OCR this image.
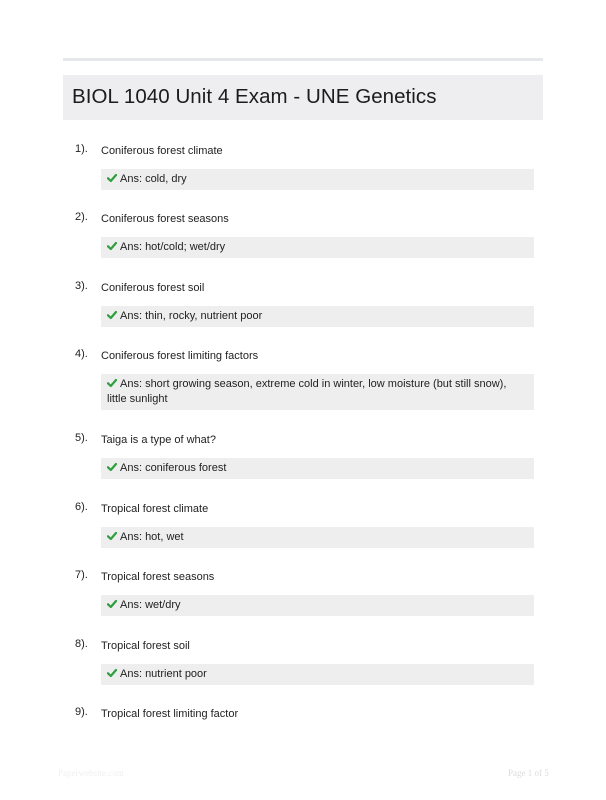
BIOL 1040 Unit 4 Exam - UNE Genetics
1). Coniferous forest climate
Ans: cold, dry
2). Coniferous forest seasons
Ans: hot/cold; wet/dry
3). Coniferous forest soil
Ans: thin, rocky, nutrient poor
4). Coniferous forest limiting factors
Ans: short growing season, extreme cold in winter, low moisture (but still snow), little sunlight
5). Taiga is a type of what?
Ans: coniferous forest
6). Tropical forest climate
Ans: hot, wet
7). Tropical forest seasons
Ans: wet/dry
8). Tropical forest soil
Ans: nutrient poor
9). Tropical forest limiting factor
Paperwebsite.com	Page 1 of 5
